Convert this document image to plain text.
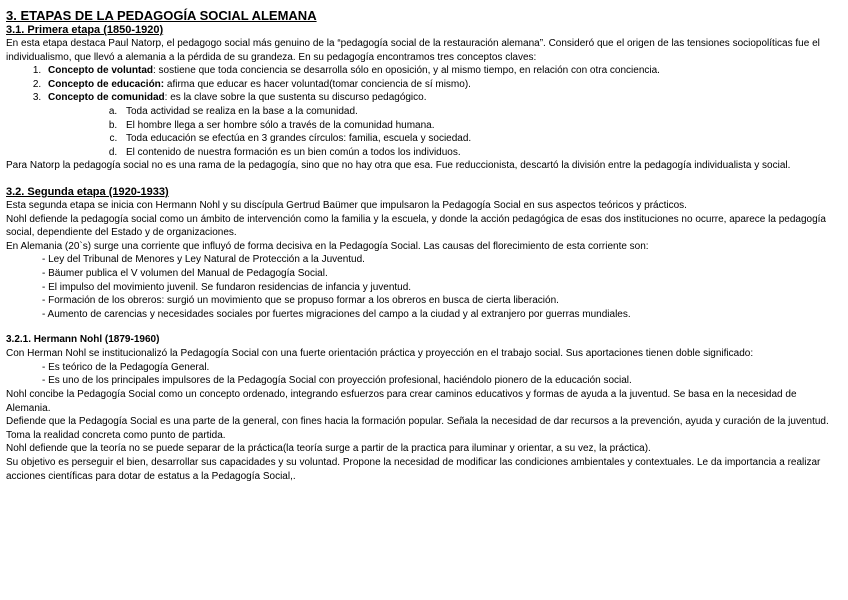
3. ETAPAS DE LA PEDAGOGÍA SOCIAL ALEMANA
3.1. Primera etapa (1850-1920)

En esta etapa destaca Paul Natorp, el pedagogo social más genuino de la “pedagogía social de la restauración alemana”. Consideró que el origen de las tensiones sociopolíticas fue el individualismo, que llevó a alemania a la pérdida de su grandeza. En su pedagogía encontramos tres conceptos claves:

1. Concepto de voluntad: sostiene que toda conciencia se desarrolla sólo en oposición, y al mismo tiempo, en relación con otra conciencia.
2. Concepto de educación: afirma que educar es hacer voluntad(tomar conciencia de sí mismo).
3. Concepto de comunidad: es la clave sobre la que sustenta su discurso pedagógico.
a. Toda actividad se realiza en la base a la comunidad.
b. El hombre llega a ser hombre sólo a través de la comunidad humana.
c. Toda educación se efectúa en 3 grandes círculos: familia, escuela y sociedad.
d. El contenido de nuestra formación es un bien común a todos los individuos.

Para Natorp la pedagogía social no es una rama de la pedagogía, sino que no hay otra que esa. Fue reduccionista, descartó la división entre la pedagogía individualista y social.

3.2. Segunda etapa (1920-1933)

Esta segunda etapa se inicia con Hermann Nohl y su discípula Gertrud Baümer que impulsaron la Pedagogía Social en sus aspectos teóricos y prácticos.

Nohl defiende la pedagogía social como un ámbito de intervención como la familia y la escuela, y donde la acción pedagógica de esas dos instituciones no ocurre, aparece la pedagogía social, dependiente del Estado y de organizaciones.

En Alemania (20`s) surge una corriente que influyó de forma decisiva en la Pedagogía Social. Las causas del florecimiento de esta corriente son:

- Ley del Tribunal de Menores y Ley Natural de Protección a la Juventud.

- Bäumer publica el V volumen del Manual de Pedagogía Social.

- El impulso del movimiento juvenil. Se fundaron residencias de infancia y juventud.

- Formación de los obreros: surgió un movimiento que se propuso formar a los obreros en busca de cierta liberación.

- Aumento de carencias y necesidades sociales por fuertes migraciones del campo a la ciudad y al extranjero por guerras mundiales.

3.2.1. Hermann Nohl (1879-1960)

Con Herman Nohl se institucionalizó la Pedagogía Social con una fuerte orientación práctica y proyección en el trabajo social. Sus aportaciones tienen doble significado:

- Es teórico de la Pedagogía General.

- Es uno de los principales impulsores de la Pedagogía Social con proyección profesional, haciéndolo pionero de la educación social.

Nohl concibe la Pedagogía Social como un concepto ordenado, integrando esfuerzos para crear caminos educativos y formas de ayuda a la juventud. Se basa en la necesidad de Alemania.

Defiende que la Pedagogía Social es una parte de la general, con fines hacia la formación popular. Señala la necesidad de dar recursos a la prevención, ayuda y curación de la juventud. Toma la realidad concreta como punto de partida.

Nohl defiende que la teoría no se puede separar de la práctica(la teoría surge a partir de la practica para iluminar y orientar, a su vez, la práctica).

Su objetivo es perseguir el bien, desarrollar sus capacidades y su voluntad. Propone la necesidad de modificar las condiciones ambientales y contextuales. Le da importancia a realizar acciones científicas para dotar de estatus a la Pedagogía Social,.
